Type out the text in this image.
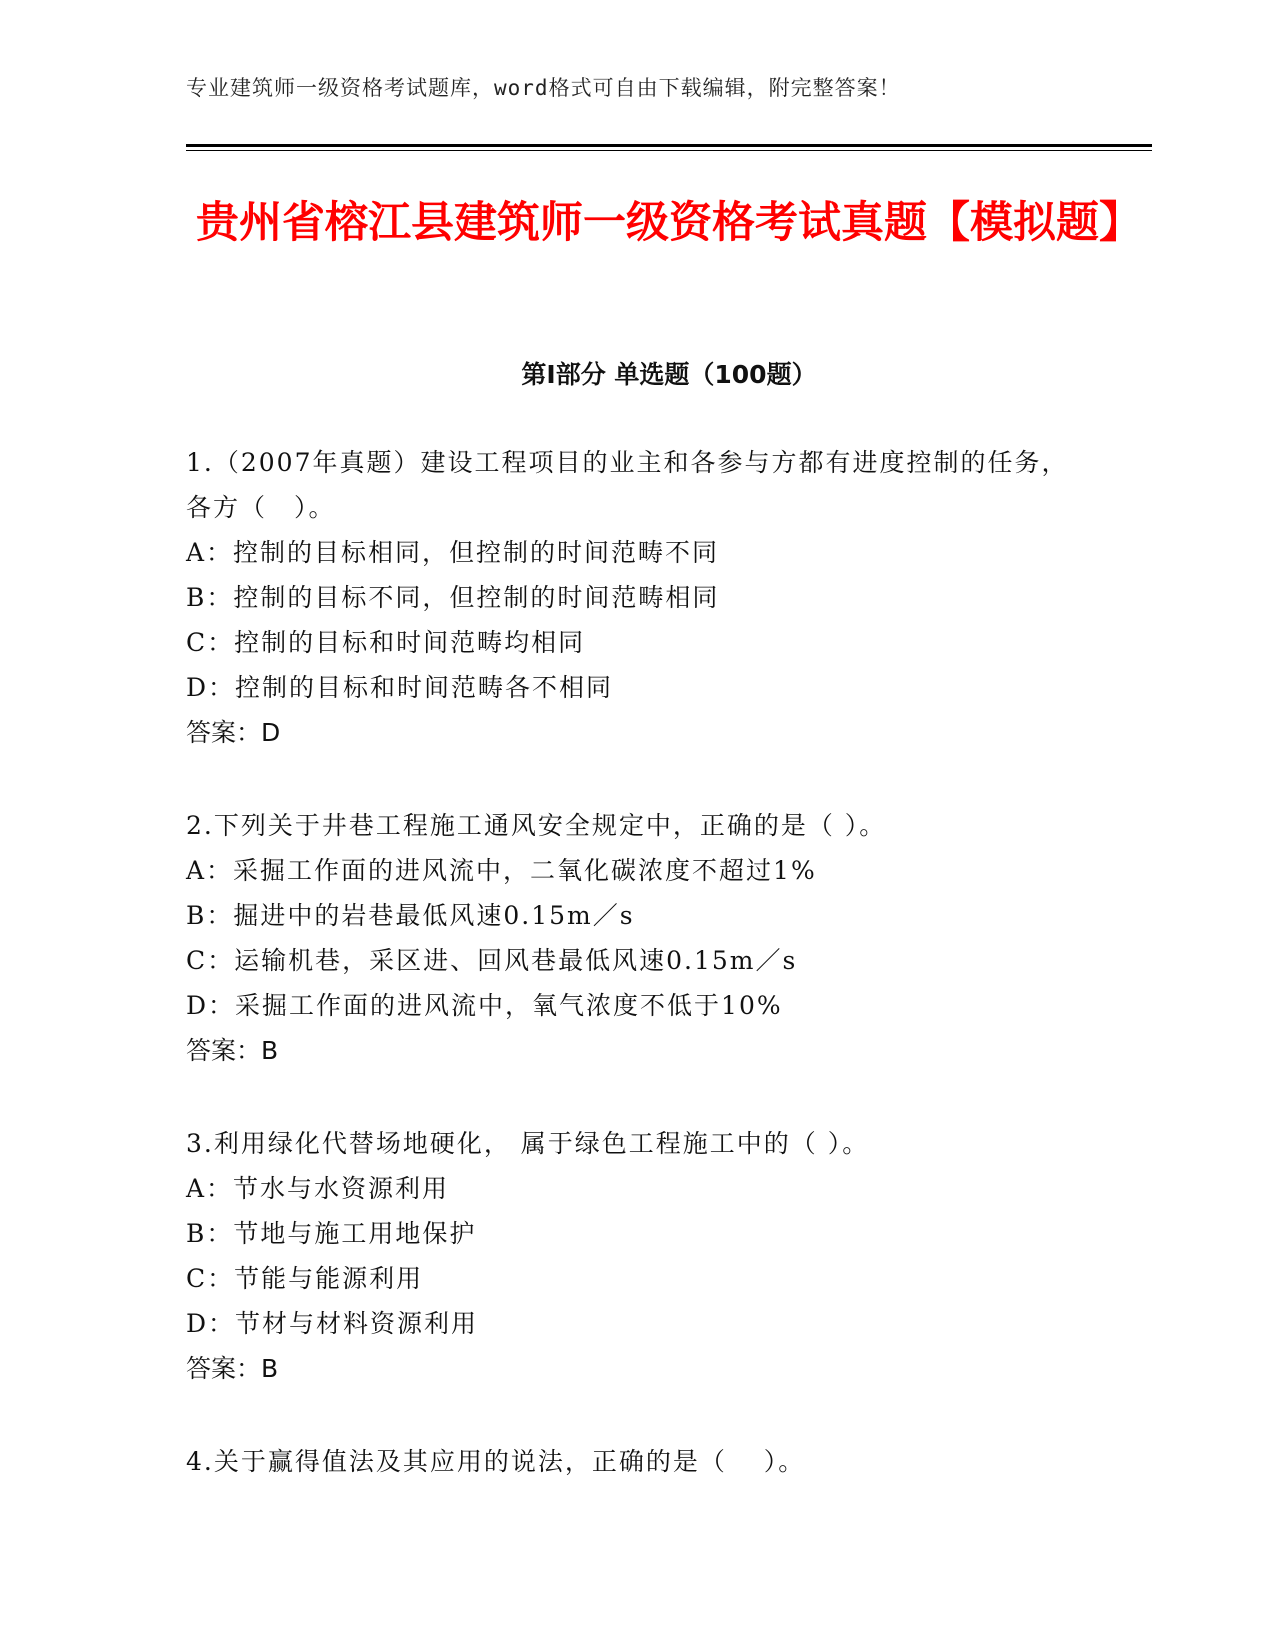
专业建筑师一级资格考试题库，word格式可自由下载编辑，附完整答案！
贵州省榕江县建筑师一级资格考试真题【模拟题】
第Ⅰ部分 单选题（100题）

1.（2007年真题）建设工程项目的业主和各参与方都有进度控制的任务，各方（　）。

A：控制的目标相同，但控制的时间范畴不同

B：控制的目标不同，但控制的时间范畴相同

C：控制的目标和时间范畴均相同

D：控制的目标和时间范畴各不相同

答案：D

2.下列关于井巷工程施工通风安全规定中，正确的是（ ）。

A：采掘工作面的进风流中，二氧化碳浓度不超过1%

B：掘进中的岩巷最低风速0.15m／s

C：运输机巷，采区进、回风巷最低风速0.15m／s

D：采掘工作面的进风流中，氧气浓度不低于10%

答案：B

3.利用绿化代替场地硬化， 属于绿色工程施工中的（ ）。

A：节水与水资源利用

B：节地与施工用地保护

C：节能与能源利用

D：节材与材料资源利用

答案：B

4.关于赢得值法及其应用的说法，正确的是（　 ）。
